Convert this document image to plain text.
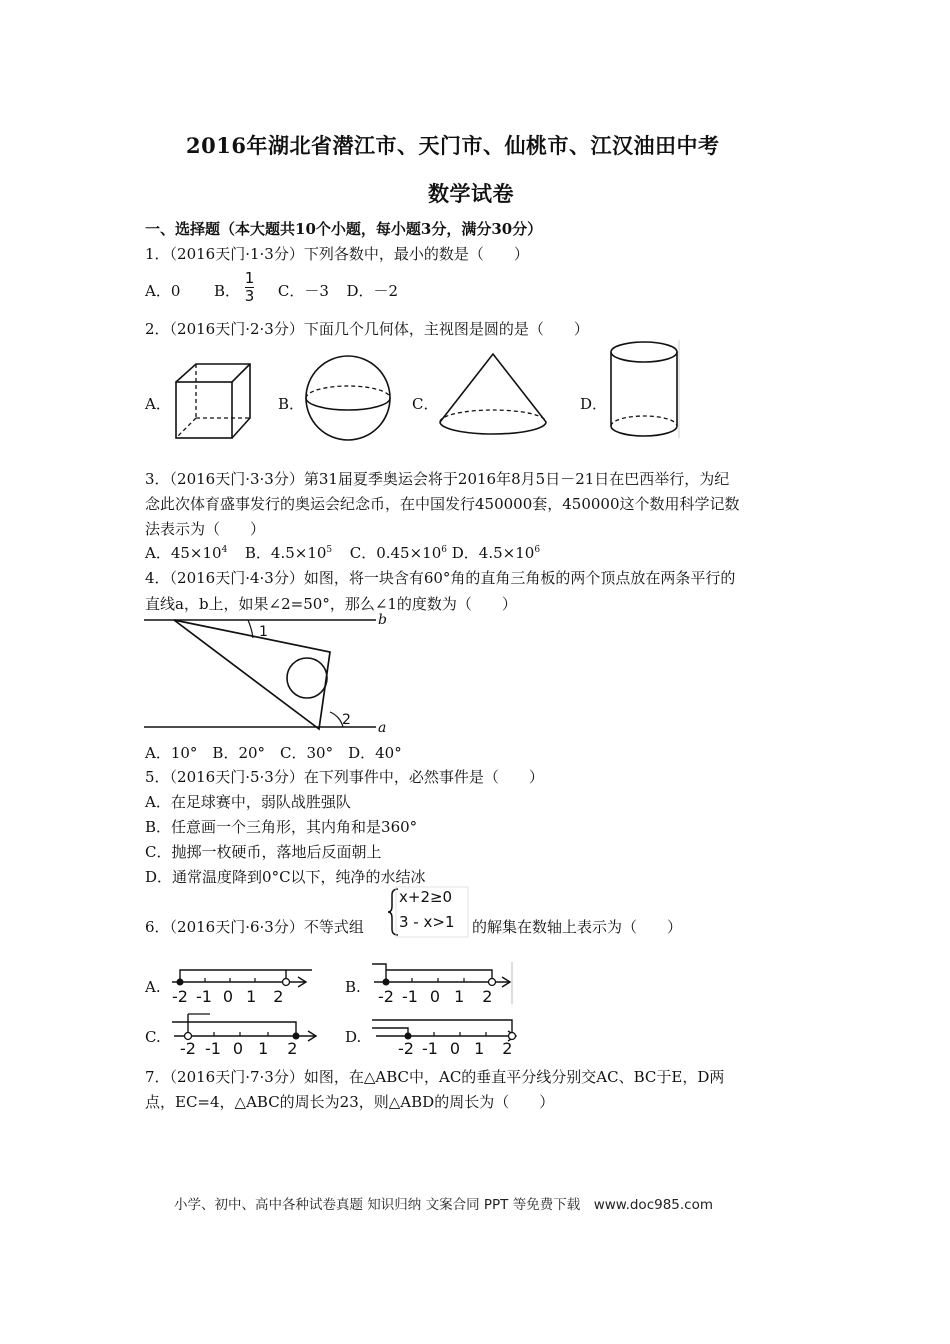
2016年湖北省潜江市、天门市、仙桃市、江汉油田中考
数学试卷
一、选择题（本大题共10个小题，每小题3分，满分30分）
1．（2016天门·1·3分）下列各数中，最小的数是（　　）
A．0 B． $\frac{1}{3}$ C．－3 D．－2
2．（2016天门·2·3分）下面几个几何体，主视图是圆的是（　　）
A．	B．	C．	D．
3．（2016天门·3·3分）第31届夏季奥运会将于2016年8月5日－21日在巴西举行，为纪
念此次体育盛事发行的奥运会纪念币，在中国发行450000套，450000这个数用科学记数
法表示为（　　）
A．$45\times 10^4$ B．$4.5\times 10^5$ C．$0.45\times 10^6$ D．$4.5\times 10^6$
4．（2016天门·4·3分）如图，将一块含有60°角的直角三角板的两个顶点放在两条平行的
直线a，b上，如果∠2=50°，那么∠1的度数为（　　）
1
2
b
a
A．10°　B．20°　C．30°　D．40°
5．（2016天门·5·3分）在下列事件中，必然事件是（　　）
A．在足球赛中，弱队战胜强队
B．任意画一个三角形，其内角和是360°
C．抛掷一枚硬币，落地后反面朝上
D．通常温度降到0°C以下，纯净的水结冰
6．（2016天门·6·3分）不等式组
x+2≥0
3 - x>1 的解集在数轴上表示为（　　）
A.	B.
C.	D.
-2 -1 0 1 2	-2 -1 0 1 2
-2 -1 0 1 2	-2 -1 0 1 2
7．（2016天门·7·3分）如图，在△ABC中，AC的垂直平分线分别交AC、BC于E，D两
点，EC=4，△ABC的周长为23，则△ABD的周长为（　　）
小学、初中、高中各种试卷真题 知识归纳 文案合同 PPT 等免费下载　www.doc985.com
